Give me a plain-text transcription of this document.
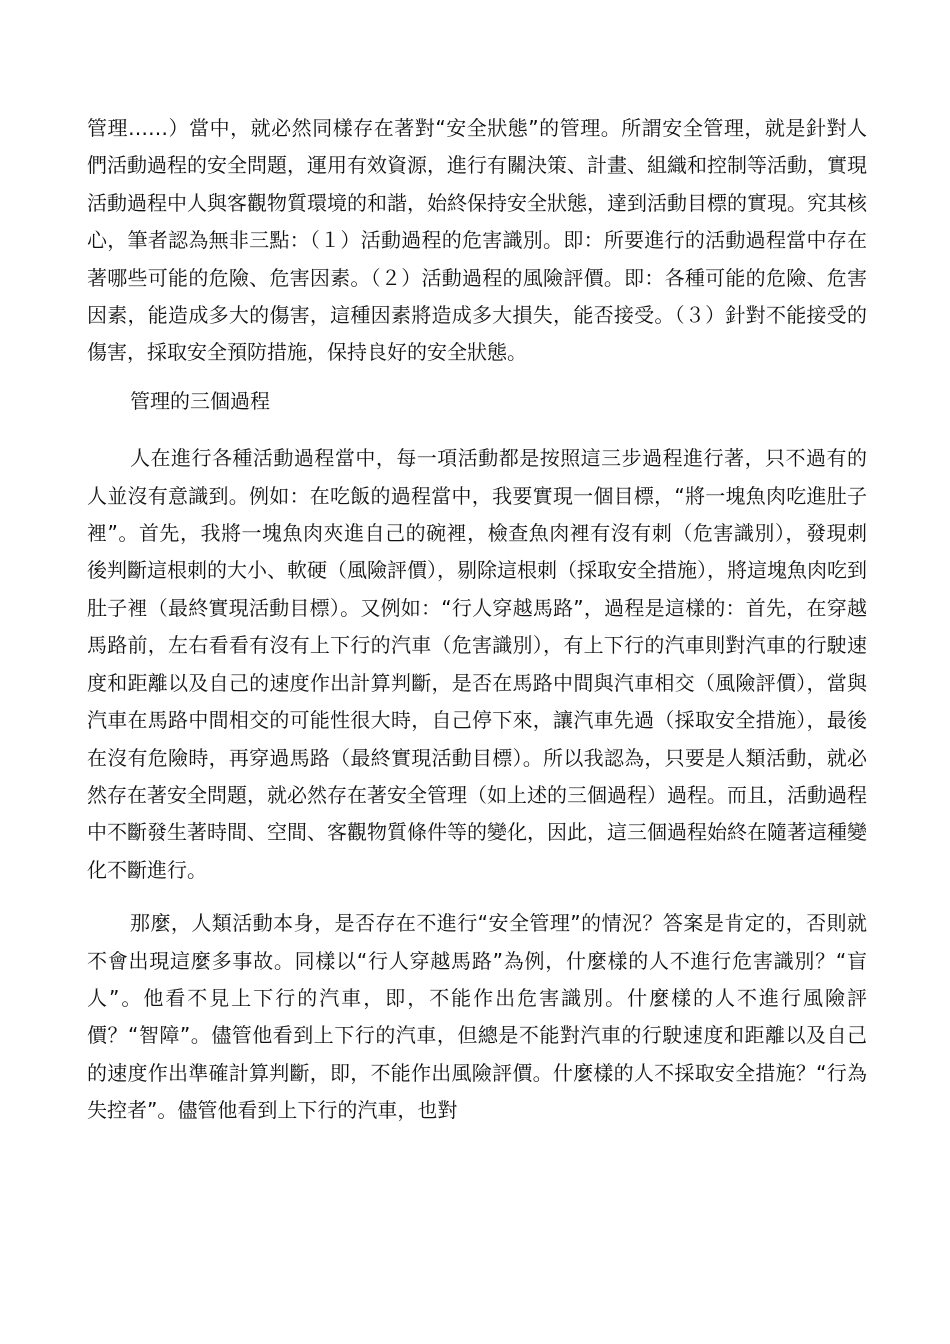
管理……）當中，就必然同樣存在著對“安全狀態”的管理。所謂安全管理，就是針對人們活動過程的安全問題，運用有效資源，進行有關決策、計畫、組織和控制等活動，實現活動過程中人與客觀物質環境的和諧，始終保持安全狀態，達到活動目標的實現。究其核心，筆者認為無非三點：（１）活動過程的危害識別。即：所要進行的活動過程當中存在著哪些可能的危險、危害因素。（２）活動過程的風險評價。即：各種可能的危險、危害因素，能造成多大的傷害，這種因素將造成多大損失，能否接受。（３）針對不能接受的傷害，採取安全預防措施，保持良好的安全狀態。

管理的三個過程

人在進行各種活動過程當中，每一項活動都是按照這三步過程進行著，只不過有的人並沒有意識到。例如：在吃飯的過程當中，我要實現一個目標，“將一塊魚肉吃進肚子裡”。首先，我將一塊魚肉夾進自己的碗裡，檢查魚肉裡有沒有刺（危害識別），發現刺後判斷這根刺的大小、軟硬（風險評價），剔除這根刺（採取安全措施），將這塊魚肉吃到肚子裡（最終實現活動目標）。又例如：“行人穿越馬路”，過程是這樣的：首先，在穿越馬路前，左右看看有沒有上下行的汽車（危害識別），有上下行的汽車則對汽車的行駛速度和距離以及自己的速度作出計算判斷，是否在馬路中間與汽車相交（風險評價），當與汽車在馬路中間相交的可能性很大時，自己停下來，讓汽車先過（採取安全措施），最後在沒有危險時，再穿過馬路（最終實現活動目標）。所以我認為，只要是人類活動，就必然存在著安全問題，就必然存在著安全管理（如上述的三個過程）過程。而且，活動過程中不斷發生著時間、空間、客觀物質條件等的變化，因此，這三個過程始終在隨著這種變化不斷進行。

那麼，人類活動本身，是否存在不進行“安全管理”的情況？答案是肯定的，否則就不會出現這麼多事故。同樣以“行人穿越馬路”為例，什麼樣的人不進行危害識別？“盲人”。他看不見上下行的汽車，即，不能作出危害識別。什麼樣的人不進行風險評價？“智障”。儘管他看到上下行的汽車，但總是不能對汽車的行駛速度和距離以及自己的速度作出準確計算判斷，即，不能作出風險評價。什麼樣的人不採取安全措施？“行為失控者”。儘管他看到上下行的汽車，也對
